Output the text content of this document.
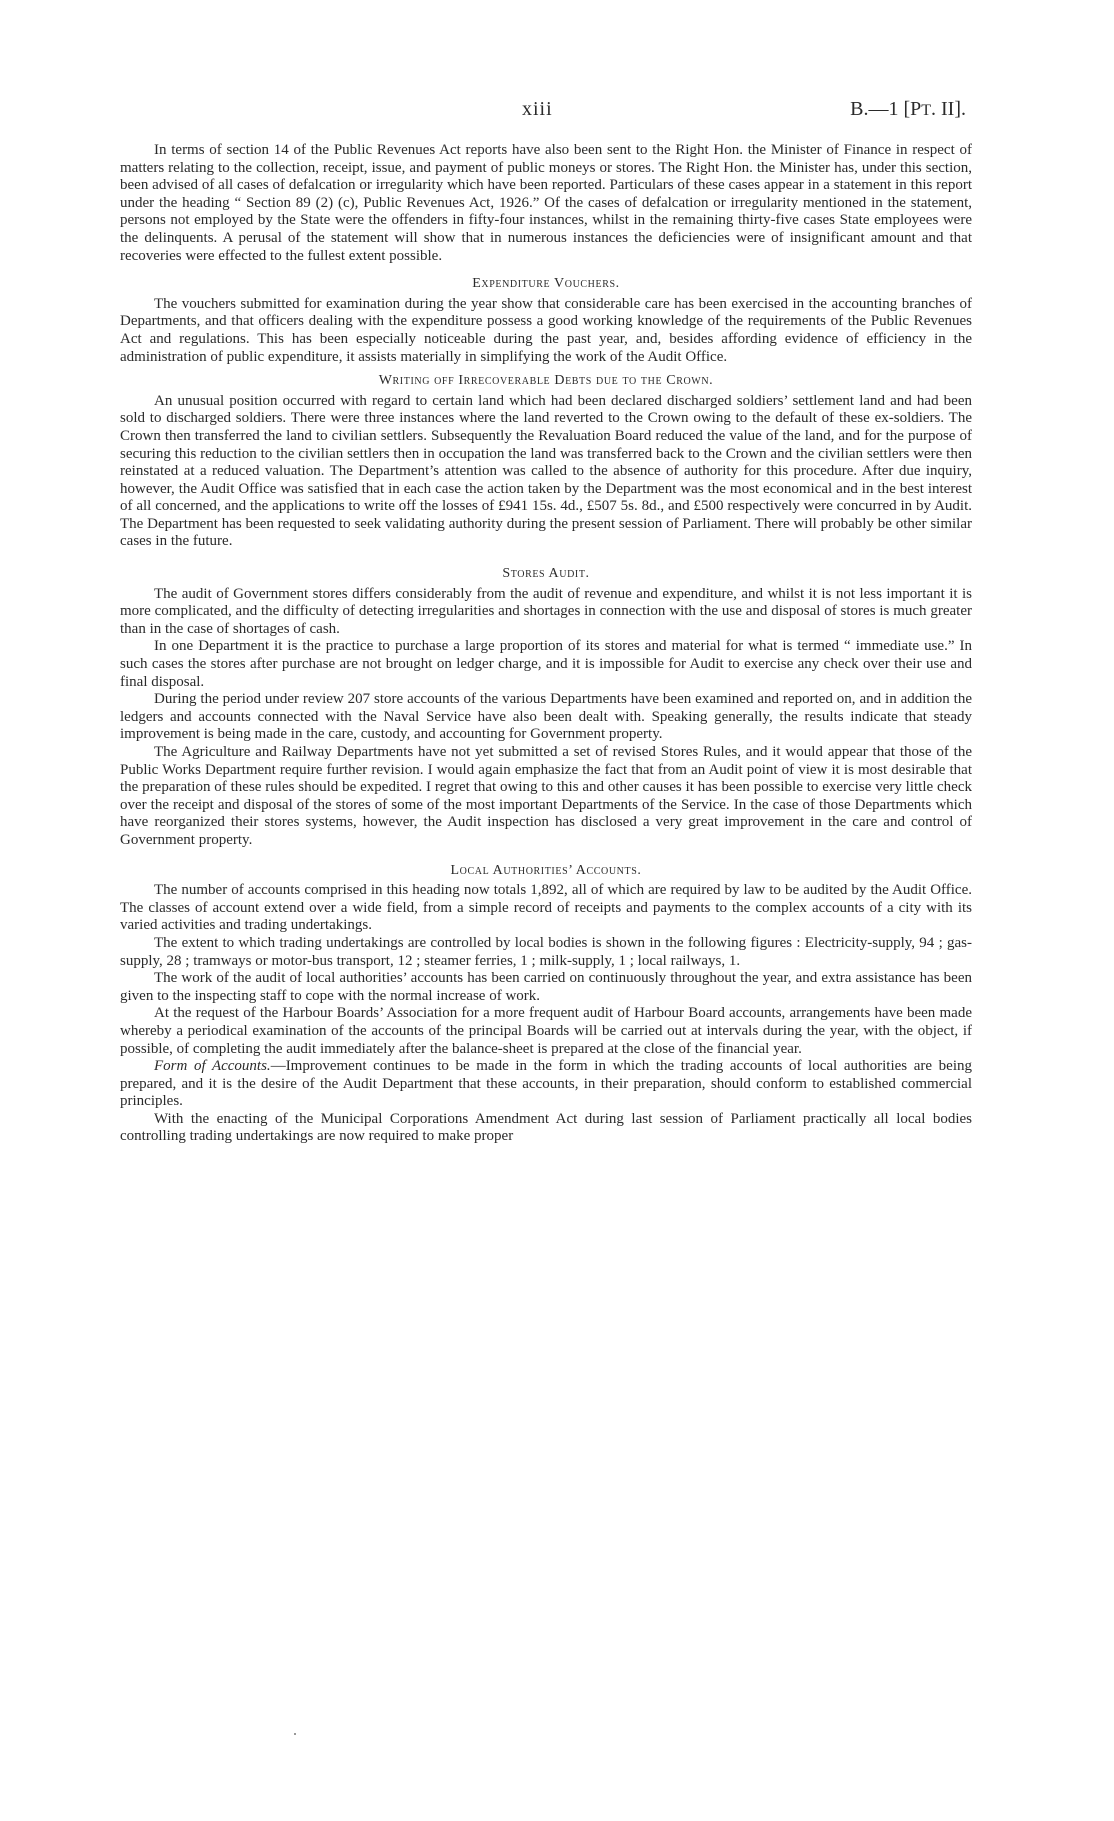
xiii	B.—1 [PT. II].

In terms of section 14 of the Public Revenues Act reports have also been sent to the Right Hon. the Minister of Finance in respect of matters relating to the collection, receipt, issue, and payment of public moneys or stores. The Right Hon. the Minister has, under this section, been advised of all cases of defalcation or irregularity which have been reported. Particulars of these cases appear in a statement in this report under the heading “ Section 89 (2) (c), Public Revenues Act, 1926.” Of the cases of defalcation or irregularity mentioned in the statement, persons not employed by the State were the offenders in fifty-four instances, whilst in the remaining thirty-five cases State employees were the delinquents. A perusal of the statement will show that in numerous instances the deficiencies were of insignificant amount and that recoveries were effected to the fullest extent possible.

Expenditure Vouchers.

The vouchers submitted for examination during the year show that considerable care has been exercised in the accounting branches of Departments, and that officers dealing with the expenditure possess a good working knowledge of the requirements of the Public Revenues Act and regulations. This has been especially noticeable during the past year, and, besides affording evidence of efficiency in the administration of public expenditure, it assists materially in simplifying the work of the Audit Office.

Writing off Irrecoverable Debts due to the Crown.

An unusual position occurred with regard to certain land which had been declared discharged soldiers’ settlement land and had been sold to discharged soldiers. There were three instances where the land reverted to the Crown owing to the default of these ex-soldiers. The Crown then transferred the land to civilian settlers. Subsequently the Revaluation Board reduced the value of the land, and for the purpose of securing this reduction to the civilian settlers then in occupation the land was transferred back to the Crown and the civilian settlers were then reinstated at a reduced valuation. The Department’s attention was called to the absence of authority for this procedure. After due inquiry, however, the Audit Office was satisfied that in each case the action taken by the Department was the most economical and in the best interest of all concerned, and the applications to write off the losses of £941 15s. 4d., £507 5s. 8d., and £500 respectively were concurred in by Audit. The Department has been requested to seek validating authority during the present session of Parliament. There will probably be other similar cases in the future.

Stores Audit.

The audit of Government stores differs considerably from the audit of revenue and expenditure, and whilst it is not less important it is more complicated, and the difficulty of detecting irregularities and shortages in connection with the use and disposal of stores is much greater than in the case of shortages of cash.

In one Department it is the practice to purchase a large proportion of its stores and material for what is termed “ immediate use.” In such cases the stores after purchase are not brought on ledger charge, and it is impossible for Audit to exercise any check over their use and final disposal.

During the period under review 207 store accounts of the various Departments have been examined and reported on, and in addition the ledgers and accounts connected with the Naval Service have also been dealt with. Speaking generally, the results indicate that steady improvement is being made in the care, custody, and accounting for Government property.

The Agriculture and Railway Departments have not yet submitted a set of revised Stores Rules, and it would appear that those of the Public Works Department require further revision. I would again emphasize the fact that from an Audit point of view it is most desirable that the preparation of these rules should be expedited. I regret that owing to this and other causes it has been possible to exercise very little check over the receipt and disposal of the stores of some of the most important Departments of the Service. In the case of those Departments which have reorganized their stores systems, however, the Audit inspection has disclosed a very great improvement in the care and control of Government property.

Local Authorities’ Accounts.

The number of accounts comprised in this heading now totals 1,892, all of which are required by law to be audited by the Audit Office. The classes of account extend over a wide field, from a simple record of receipts and payments to the complex accounts of a city with its varied activities and trading undertakings.

The extent to which trading undertakings are controlled by local bodies is shown in the following figures : Electricity-supply, 94 ; gas-supply, 28 ; tramways or motor-bus transport, 12 ; steamer ferries, 1 ; milk-supply, 1 ; local railways, 1.

The work of the audit of local authorities’ accounts has been carried on continuously throughout the year, and extra assistance has been given to the inspecting staff to cope with the normal increase of work.

At the request of the Harbour Boards’ Association for a more frequent audit of Harbour Board accounts, arrangements have been made whereby a periodical examination of the accounts of the principal Boards will be carried out at intervals during the year, with the object, if possible, of completing the audit immediately after the balance-sheet is prepared at the close of the financial year.

Form of Accounts.—Improvement continues to be made in the form in which the trading accounts of local authorities are being prepared, and it is the desire of the Audit Department that these accounts, in their preparation, should conform to established commercial principles.

With the enacting of the Municipal Corporations Amendment Act during last session of Parliament practically all local bodies controlling trading undertakings are now required to make proper
